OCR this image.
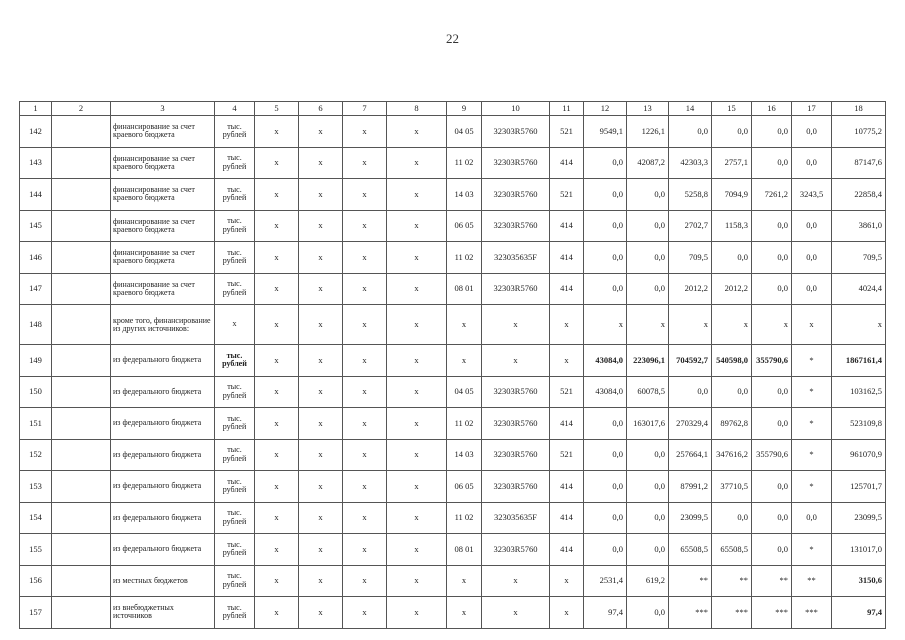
22
1	2	3	4	5	6	7	8	9	10	11	12	13	14	15	16	17	18
142		финансирование за счет краевого бюджета	тыс. рублей	х	х	х	х	04 05	32303R5760	521	9549,1	1226,1	0,0	0,0	0,0	0,0	10775,2
143		финансирование за счет краевого бюджета	тыс. рублей	х	х	х	х	11 02	32303R5760	414	0,0	42087,2	42303,3	2757,1	0,0	0,0	87147,6
144		финансирование за счет краевого бюджета	тыс. рублей	х	х	х	х	14 03	32303R5760	521	0,0	0,0	5258,8	7094,9	7261,2	3243,5	22858,4
145		финансирование за счет краевого бюджета	тыс. рублей	х	х	х	х	06 05	32303R5760	414	0,0	0,0	2702,7	1158,3	0,0	0,0	3861,0
146		финансирование за счет краевого бюджета	тыс. рублей	х	х	х	х	11 02	323035635F	414	0,0	0,0	709,5	0,0	0,0	0,0	709,5
147		финансирование за счет краевого бюджета	тыс. рублей	х	х	х	х	08 01	32303R5760	414	0,0	0,0	2012,2	2012,2	0,0	0,0	4024,4
148		кроме того, финансирование из других источников:	х	х	х	х	х	х	х	х	х	х	х	х	х	х	х
149		из федерального бюджета	тыс. рублей	х	х	х	х	х	х	х	43084,0	223096,1	704592,7	540598,0	355790,6	*	1867161,4
150		из федерального бюджета	тыс. рублей	х	х	х	х	04 05	32303R5760	521	43084,0	60078,5	0,0	0,0	0,0	*	103162,5
151		из федерального бюджета	тыс. рублей	х	х	х	х	11 02	32303R5760	414	0,0	163017,6	270329,4	89762,8	0,0	*	523109,8
152		из федерального бюджета	тыс. рублей	х	х	х	х	14 03	32303R5760	521	0,0	0,0	257664,1	347616,2	355790,6	*	961070,9
153		из федерального бюджета	тыс. рублей	х	х	х	х	06 05	32303R5760	414	0,0	0,0	87991,2	37710,5	0,0	*	125701,7
154		из федерального бюджета	тыс. рублей	х	х	х	х	11 02	323035635F	414	0,0	0,0	23099,5	0,0	0,0	0,0	23099,5
155		из федерального бюджета	тыс. рублей	х	х	х	х	08 01	32303R5760	414	0,0	0,0	65508,5	65508,5	0,0	*	131017,0
156		из местных бюджетов	тыс. рублей	х	х	х	х	х	х	х	2531,4	619,2	**	**	**	**	3150,6
157		из внебюджетных источников	тыс. рублей	х	х	х	х	х	х	х	97,4	0,0	***	***	***	***	97,4
